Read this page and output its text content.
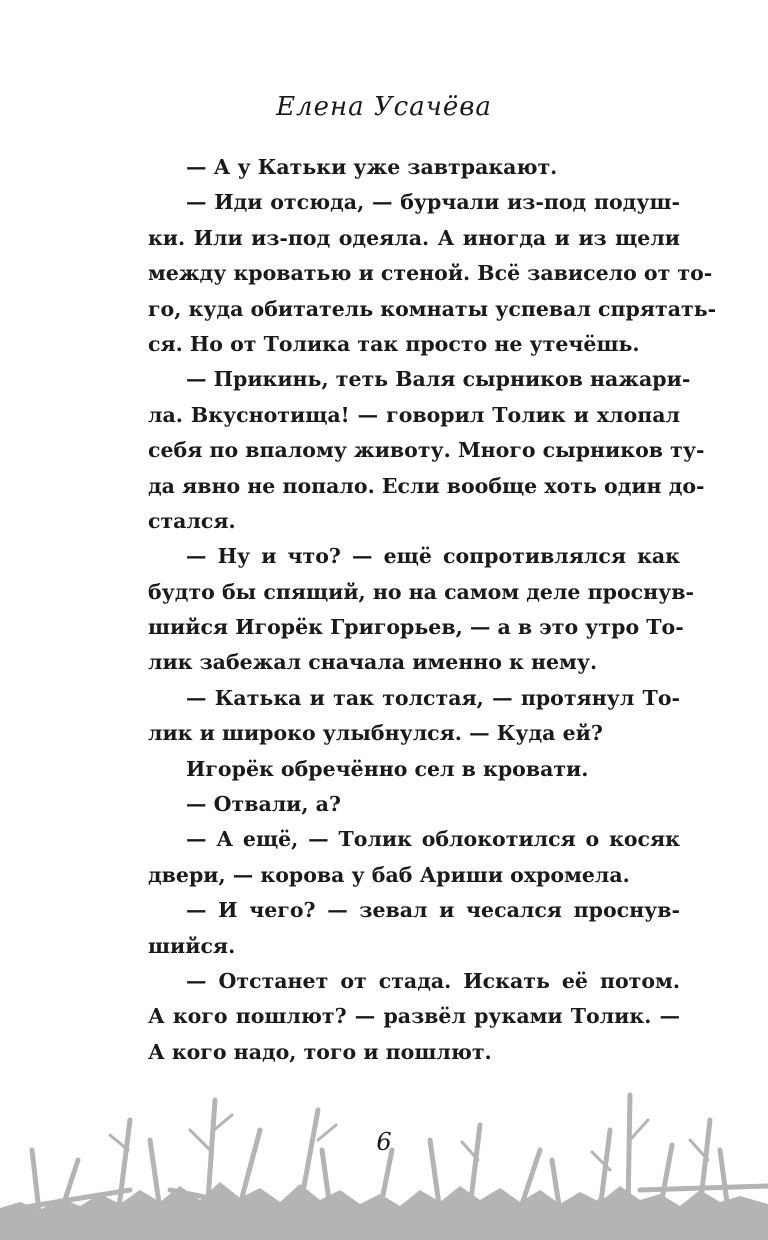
Елена Усачёва
— А у Катьки уже завтракают.
— Иди отсюда, — бурчали из-под подуш-
ки. Или из-под одеяла. А иногда и из щели
между кроватью и стеной. Всё зависело от то-
го, куда обитатель комнаты успевал спрятать-
ся. Но от Толика так просто не утечёшь.
— Прикинь, теть Валя сырников нажари-
ла. Вкуснотища! — говорил Толик и хлопал
себя по впалому животу. Много сырников ту-
да явно не попало. Если вообще хоть один до-
стался.
— Ну и что? — ещё сопротивлялся как
будто бы спящий, но на самом деле проснув-
шийся Игорёк Григорьев, — а в это утро То-
лик забежал сначала именно к нему.
— Катька и так толстая, — протянул То-
лик и широко улыбнулся. — Куда ей?
Игорёк обречённо сел в кровати.
— Отвали, а?
— А ещё, — Толик облокотился о косяк
двери, — корова у баб Ариши охромела.
— И чего? — зевал и чесался проснув-
шийся.
— Отстанет от стада. Искать её потом.
А кого пошлют? — развёл руками Толик. —
А кого надо, того и пошлют.
6
